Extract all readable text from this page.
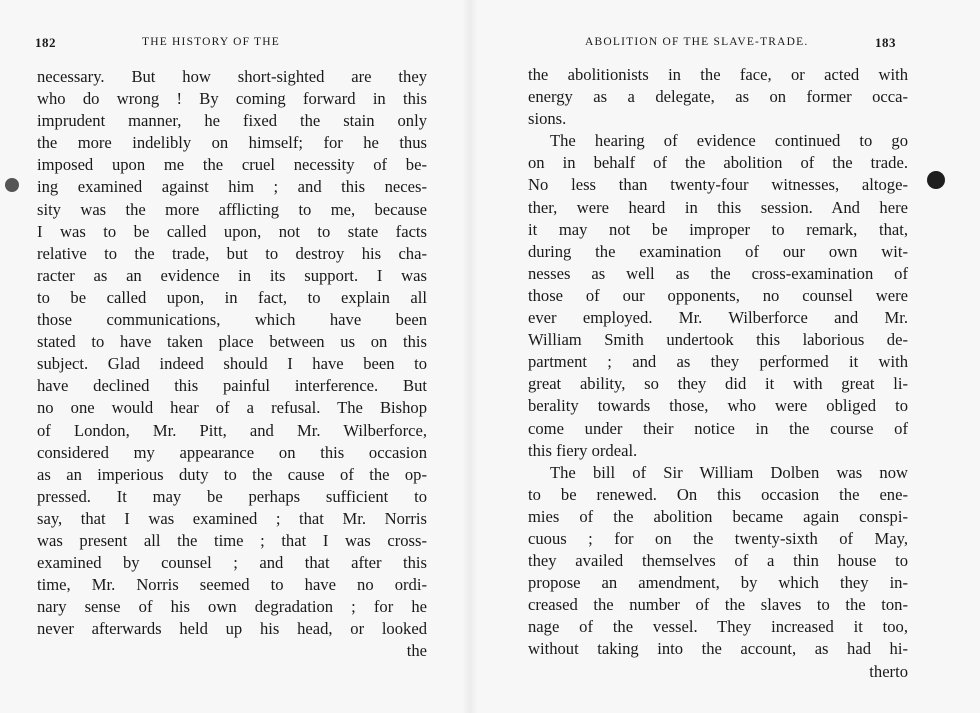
182	THE HISTORY OF THE
necessary. But how short-sighted are they
who do wrong ! By coming forward in this
imprudent manner, he fixed the stain only
the more indelibly on himself; for he thus
imposed upon me the cruel necessity of be-
ing examined against him ; and this neces-
sity was the more afflicting to me, because
I was to be called upon, not to state facts
relative to the trade, but to destroy his cha-
racter as an evidence in its support. I was
to be called upon, in fact, to explain all
those communications, which have been
stated to have taken place between us on this
subject. Glad indeed should I have been to
have declined this painful interference. But
no one would hear of a refusal. The Bishop
of London, Mr. Pitt, and Mr. Wilberforce,
considered my appearance on this occasion
as an imperious duty to the cause of the op-
pressed. It may be perhaps sufficient to
say, that I was examined ; that Mr. Norris
was present all the time ; that I was cross-
examined by counsel ; and that after this
time, Mr. Norris seemed to have no ordi-
nary sense of his own degradation ; for he
never afterwards held up his head, or looked
the
ABOLITION OF THE SLAVE-TRADE.	183
the abolitionists in the face, or acted with
energy as a delegate, as on former occa-
sions.
The hearing of evidence continued to go
on in behalf of the abolition of the trade.
No less than twenty-four witnesses, altoge-
ther, were heard in this session. And here
it may not be improper to remark, that,
during the examination of our own wit-
nesses as well as the cross-examination of
those of our opponents, no counsel were
ever employed. Mr. Wilberforce and Mr.
William Smith undertook this laborious de-
partment ; and as they performed it with
great ability, so they did it with great li-
berality towards those, who were obliged to
come under their notice in the course of
this fiery ordeal.
The bill of Sir William Dolben was now
to be renewed. On this occasion the ene-
mies of the abolition became again conspi-
cuous ; for on the twenty-sixth of May,
they availed themselves of a thin house to
propose an amendment, by which they in-
creased the number of the slaves to the ton-
nage of the vessel. They increased it too,
without taking into the account, as had hi-
therto
